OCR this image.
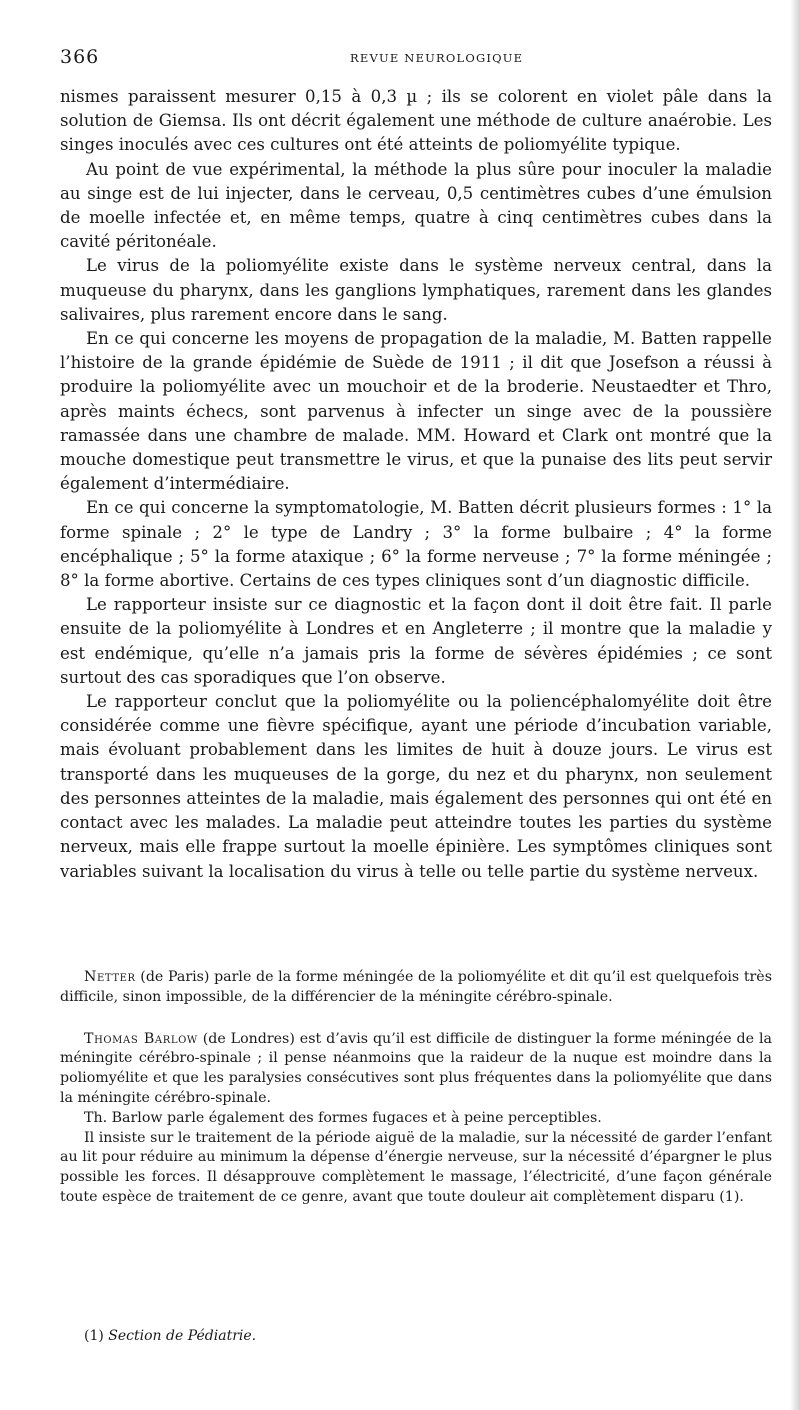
366	REVUE NEUROLOGIQUE

nismes paraissent mesurer 0,15 à 0,3 µ ; ils se colorent en violet pâle dans la solution de Giemsa. Ils ont décrit également une méthode de culture anaérobie. Les singes inoculés avec ces cultures ont été atteints de poliomyélite typique.

Au point de vue expérimental, la méthode la plus sûre pour inoculer la maladie au singe est de lui injecter, dans le cerveau, 0,5 centimètres cubes d’une émulsion de moelle infectée et, en même temps, quatre à cinq centimètres cubes dans la cavité péritonéale.

Le virus de la poliomyélite existe dans le système nerveux central, dans la muqueuse du pharynx, dans les ganglions lymphatiques, rarement dans les glandes salivaires, plus rarement encore dans le sang.

En ce qui concerne les moyens de propagation de la maladie, M. Batten rappelle l’histoire de la grande épidémie de Suède de 1911 ; il dit que Josefson a réussi à produire la poliomyélite avec un mouchoir et de la broderie. Neustaedter et Thro, après maints échecs, sont parvenus à infecter un singe avec de la poussière ramassée dans une chambre de malade. MM. Howard et Clark ont montré que la mouche domestique peut transmettre le virus, et que la punaise des lits peut servir également d’intermédiaire.

En ce qui concerne la symptomatologie, M. Batten décrit plusieurs formes : 1° la forme spinale ; 2° le type de Landry ; 3° la forme bulbaire ; 4° la forme encéphalique ; 5° la forme ataxique ; 6° la forme nerveuse ; 7° la forme méningée ; 8° la forme abortive. Certains de ces types cliniques sont d’un diagnostic difficile.

Le rapporteur insiste sur ce diagnostic et la façon dont il doit être fait. Il parle ensuite de la poliomyélite à Londres et en Angleterre ; il montre que la maladie y est endémique, qu’elle n’a jamais pris la forme de sévères épidémies ; ce sont surtout des cas sporadiques que l’on observe.

Le rapporteur conclut que la poliomyélite ou la poliencéphalomyélite doit être considérée comme une fièvre spécifique, ayant une période d’incubation variable, mais évoluant probablement dans les limites de huit à douze jours. Le virus est transporté dans les muqueuses de la gorge, du nez et du pharynx, non seulement des personnes atteintes de la maladie, mais également des personnes qui ont été en contact avec les malades. La maladie peut atteindre toutes les parties du système nerveux, mais elle frappe surtout la moelle épinière. Les symptômes cliniques sont variables suivant la localisation du virus à telle ou telle partie du système nerveux.

Netter (de Paris) parle de la forme méningée de la poliomyélite et dit qu’il est quelquefois très difficile, sinon impossible, de la différencier de la méningite cérébro-spinale.

Thomas Barlow (de Londres) est d’avis qu’il est difficile de distinguer la forme méningée de la méningite cérébro-spinale ; il pense néanmoins que la raideur de la nuque est moindre dans la poliomyélite et que les paralysies consécutives sont plus fréquentes dans la poliomyélite que dans la méningite cérébro-spinale.

Th. Barlow parle également des formes fugaces et à peine perceptibles.

Il insiste sur le traitement de la période aiguë de la maladie, sur la nécessité de garder l’enfant au lit pour réduire au minimum la dépense d’énergie nerveuse, sur la nécessité d’épargner le plus possible les forces. Il désapprouve complètement le massage, l’électricité, d’une façon générale toute espèce de traitement de ce genre, avant que toute douleur ait complètement disparu (1).

(1) Section de Pédiatrie.
